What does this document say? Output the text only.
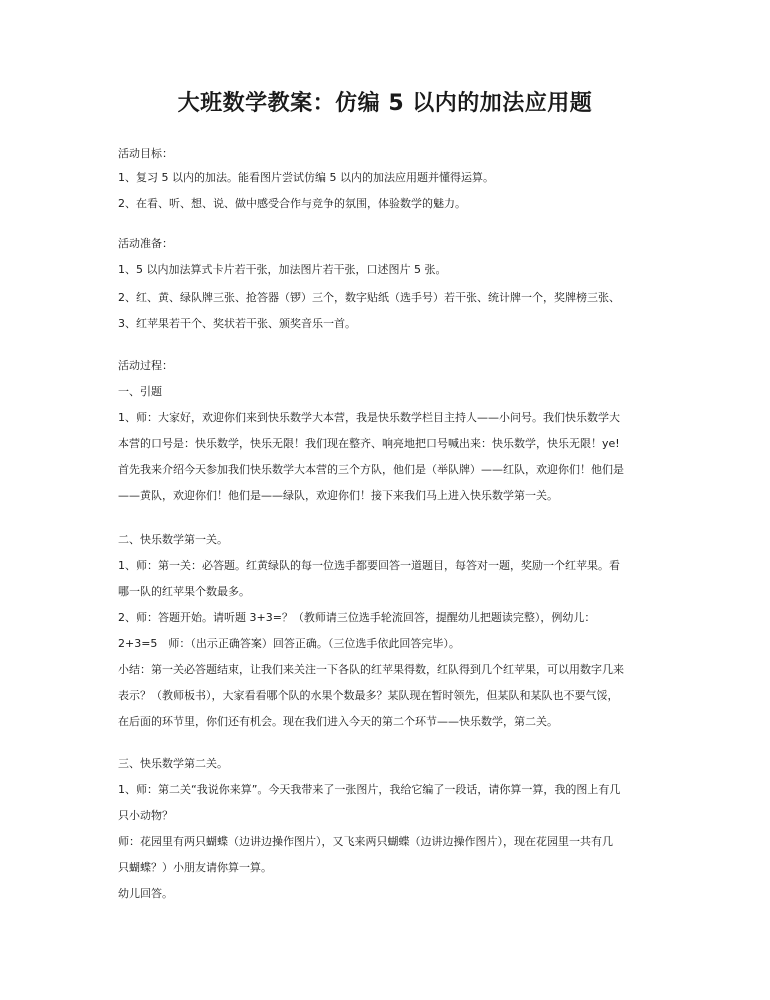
大班数学教案：仿编 5 以内的加法应用题
活动目标：
1、复习 5 以内的加法。能看图片尝试仿编 5 以内的加法应用题并懂得运算。
2、在看、听、想、说、做中感受合作与竞争的氛围，体验数学的魅力。
活动准备：
1、5 以内加法算式卡片若干张，加法图片若干张，口述图片 5 张。
2、红、黄、绿队牌三张、抢答器（锣）三个，数字贴纸（选手号）若干张、统计牌一个，奖牌榜三张、
3、红苹果若干个、奖状若干张、颁奖音乐一首。
活动过程：
一、引题
1、师：大家好，欢迎你们来到快乐数学大本营，我是快乐数学栏目主持人——小问号。我们快乐数学大
本营的口号是：快乐数学，快乐无限！我们现在整齐、响亮地把口号喊出来：快乐数学，快乐无限！ye!
首先我来介绍今天参加我们快乐数学大本营的三个方队，他们是（举队牌）——红队，欢迎你们！他们是
——黄队，欢迎你们！他们是——绿队，欢迎你们！接下来我们马上进入快乐数学第一关。
二、快乐数学第一关。
1、师：第一关：必答题。红黄绿队的每一位选手都要回答一道题目，每答对一题，奖励一个红苹果。看
哪一队的红苹果个数最多。
2、师：答题开始。请听题 3+3=？（教师请三位选手轮流回答，提醒幼儿把题读完整），例幼儿：
2+3=5　师：（出示正确答案）回答正确。（三位选手依此回答完毕）。
小结：第一关必答题结束，让我们来关注一下各队的红苹果得数，红队得到几个红苹果，可以用数字几来
表示？（教师板书），大家看看哪个队的水果个数最多？某队现在暂时领先，但某队和某队也不要气馁，
在后面的环节里，你们还有机会。现在我们进入今天的第二个环节——快乐数学，第二关。
三、快乐数学第二关。
1、师：第二关“我说你来算”。今天我带来了一张图片，我给它编了一段话，请你算一算，我的图上有几
只小动物？
师：花园里有两只蝴蝶（边讲边操作图片），又飞来两只蝴蝶（边讲边操作图片），现在花园里一共有几
只蝴蝶？）小朋友请你算一算。
幼儿回答。
